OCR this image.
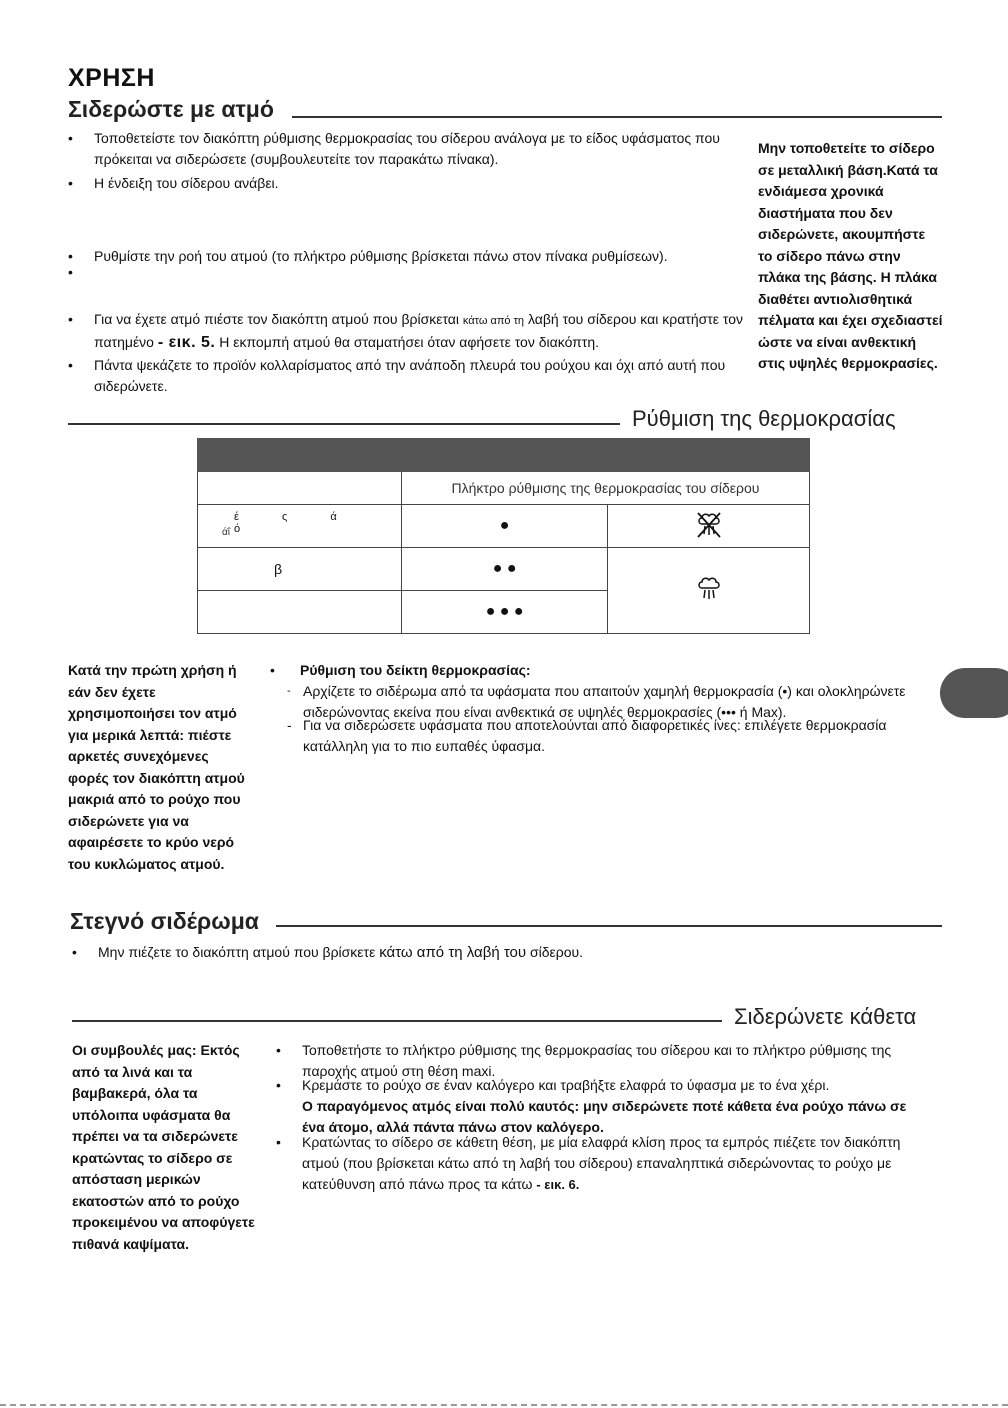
ΧΡΗΣΗ
Σιδερώστε με ατμό
• Τοποθετείστε τον διακόπτη ρύθμισης θερμοκρασίας του σίδερου ανάλογα με το είδος υφάσματος που πρόκειται να σιδερώσετε (συμβουλευτείτε τον παρακάτω πίνακα).
• Η ένδειξη του σίδερου ανάβει.
• Ρυθμίστε την ροή του ατμού (το πλήκτρο ρύθμισης βρίσκεται πάνω στον πίνακα ρυθμίσεων).
•
• Για να έχετε ατμό πιέστε τον διακόπτη ατμού που βρίσκεται κάτω από τη λαβή του σίδερου και κρατήστε τον πατημένο - εικ. 5. Η εκπομπή ατμού θα σταματήσει όταν αφήσετε τον διακόπτη.
• Πάντα ψεκάζετε το προϊόν κολλαρίσματος από την ανάποδη πλευρά του ρούχου και όχι από αυτή που σιδερώνετε.
Μην τοποθετείτε το σίδερο σε μεταλλική βάση.Κατά τα ενδιάμεσα χρονικά διαστήματα που δεν σιδερώνετε, ακουμπήστε το σίδερο πάνω στην πλάκα της βάσης. Η πλάκα διαθέτει αντιολισθητικά πέλματα και έχει σχεδιαστεί ώστε να είναι ανθεκτική στις υψηλές θερμοκρασίες.
Ρύθμιση της θερμοκρασίας

	Πλήκτρο ρύθμισης της θερμοκρασίας του σίδερου	

έ ς ά ό
άΐ	●	
β	● ●	
	● ● ●	
Κατά την πρώτη χρήση ή εάν δεν έχετε χρησιμοποιήσει τον ατμό για μερικά λεπτά: πιέστε αρκετές συνεχόμενες φορές τον διακόπτη ατμού μακριά από το ρούχο που σιδερώνετε για να αφαιρέσετε το κρύο νερό του κυκλώματος ατμού.
• Ρύθμιση του δείκτη θερμοκρασίας:
- Αρχίζετε το σιδέρωμα από τα υφάσματα που απαιτούν χαμηλή θερμοκρασία (•) και ολοκληρώνετε
σιδερώνοντας εκείνα που είναι ανθεκτικά σε υψηλές θερμοκρασίες (••• ή Max).
- Για να σιδερώσετε υφάσματα που αποτελούνται από διαφορετικές ίνες: επιλέγετε θερμοκρασία
κατάλληλη για το πιο ευπαθές ύφασμα.
Στεγνό σιδέρωμα
• Μην πιέζετε το διακόπτη ατμού που βρίσκετε κάτω από τη λαβή του σίδερου.
Σιδερώνετε κάθετα
Οι συμβουλές μας: Εκτός από τα λινά και τα βαμβακερά, όλα τα υπόλοιπα υφάσματα θα πρέπει να τα σιδερώνετε κρατώντας το σίδερο σε απόσταση μερικών εκατοστών από το ρούχο προκειμένου να αποφύγετε πιθανά καψίματα.
• Τοποθετήστε το πλήκτρο ρύθμισης της θερμοκρασίας του σίδερου και το πλήκτρο ρύθμισης της
παροχής ατμού στη θέση maxi.
• Κρεμάστε το ρούχο σε έναν καλόγερο και τραβήξτε ελαφρά το ύφασμα με το ένα χέρι.
Ο παραγόμενος ατμός είναι πολύ καυτός: μην σιδερώνετε ποτέ κάθετα ένα ρούχο πάνω σε
ένα άτομο, αλλά πάντα πάνω στον καλόγερο.
• Κρατώντας το σίδερο σε κάθετη θέση, με μία ελαφρά κλίση προς τα εμπρός πιέζετε τον διακόπτη
ατμού (που βρίσκεται κάτω από τη λαβή του σίδερου) επαναληπτικά σιδερώνοντας το ρούχο με
κατεύθυνση από πάνω προς τα κάτω - εικ. 6.
